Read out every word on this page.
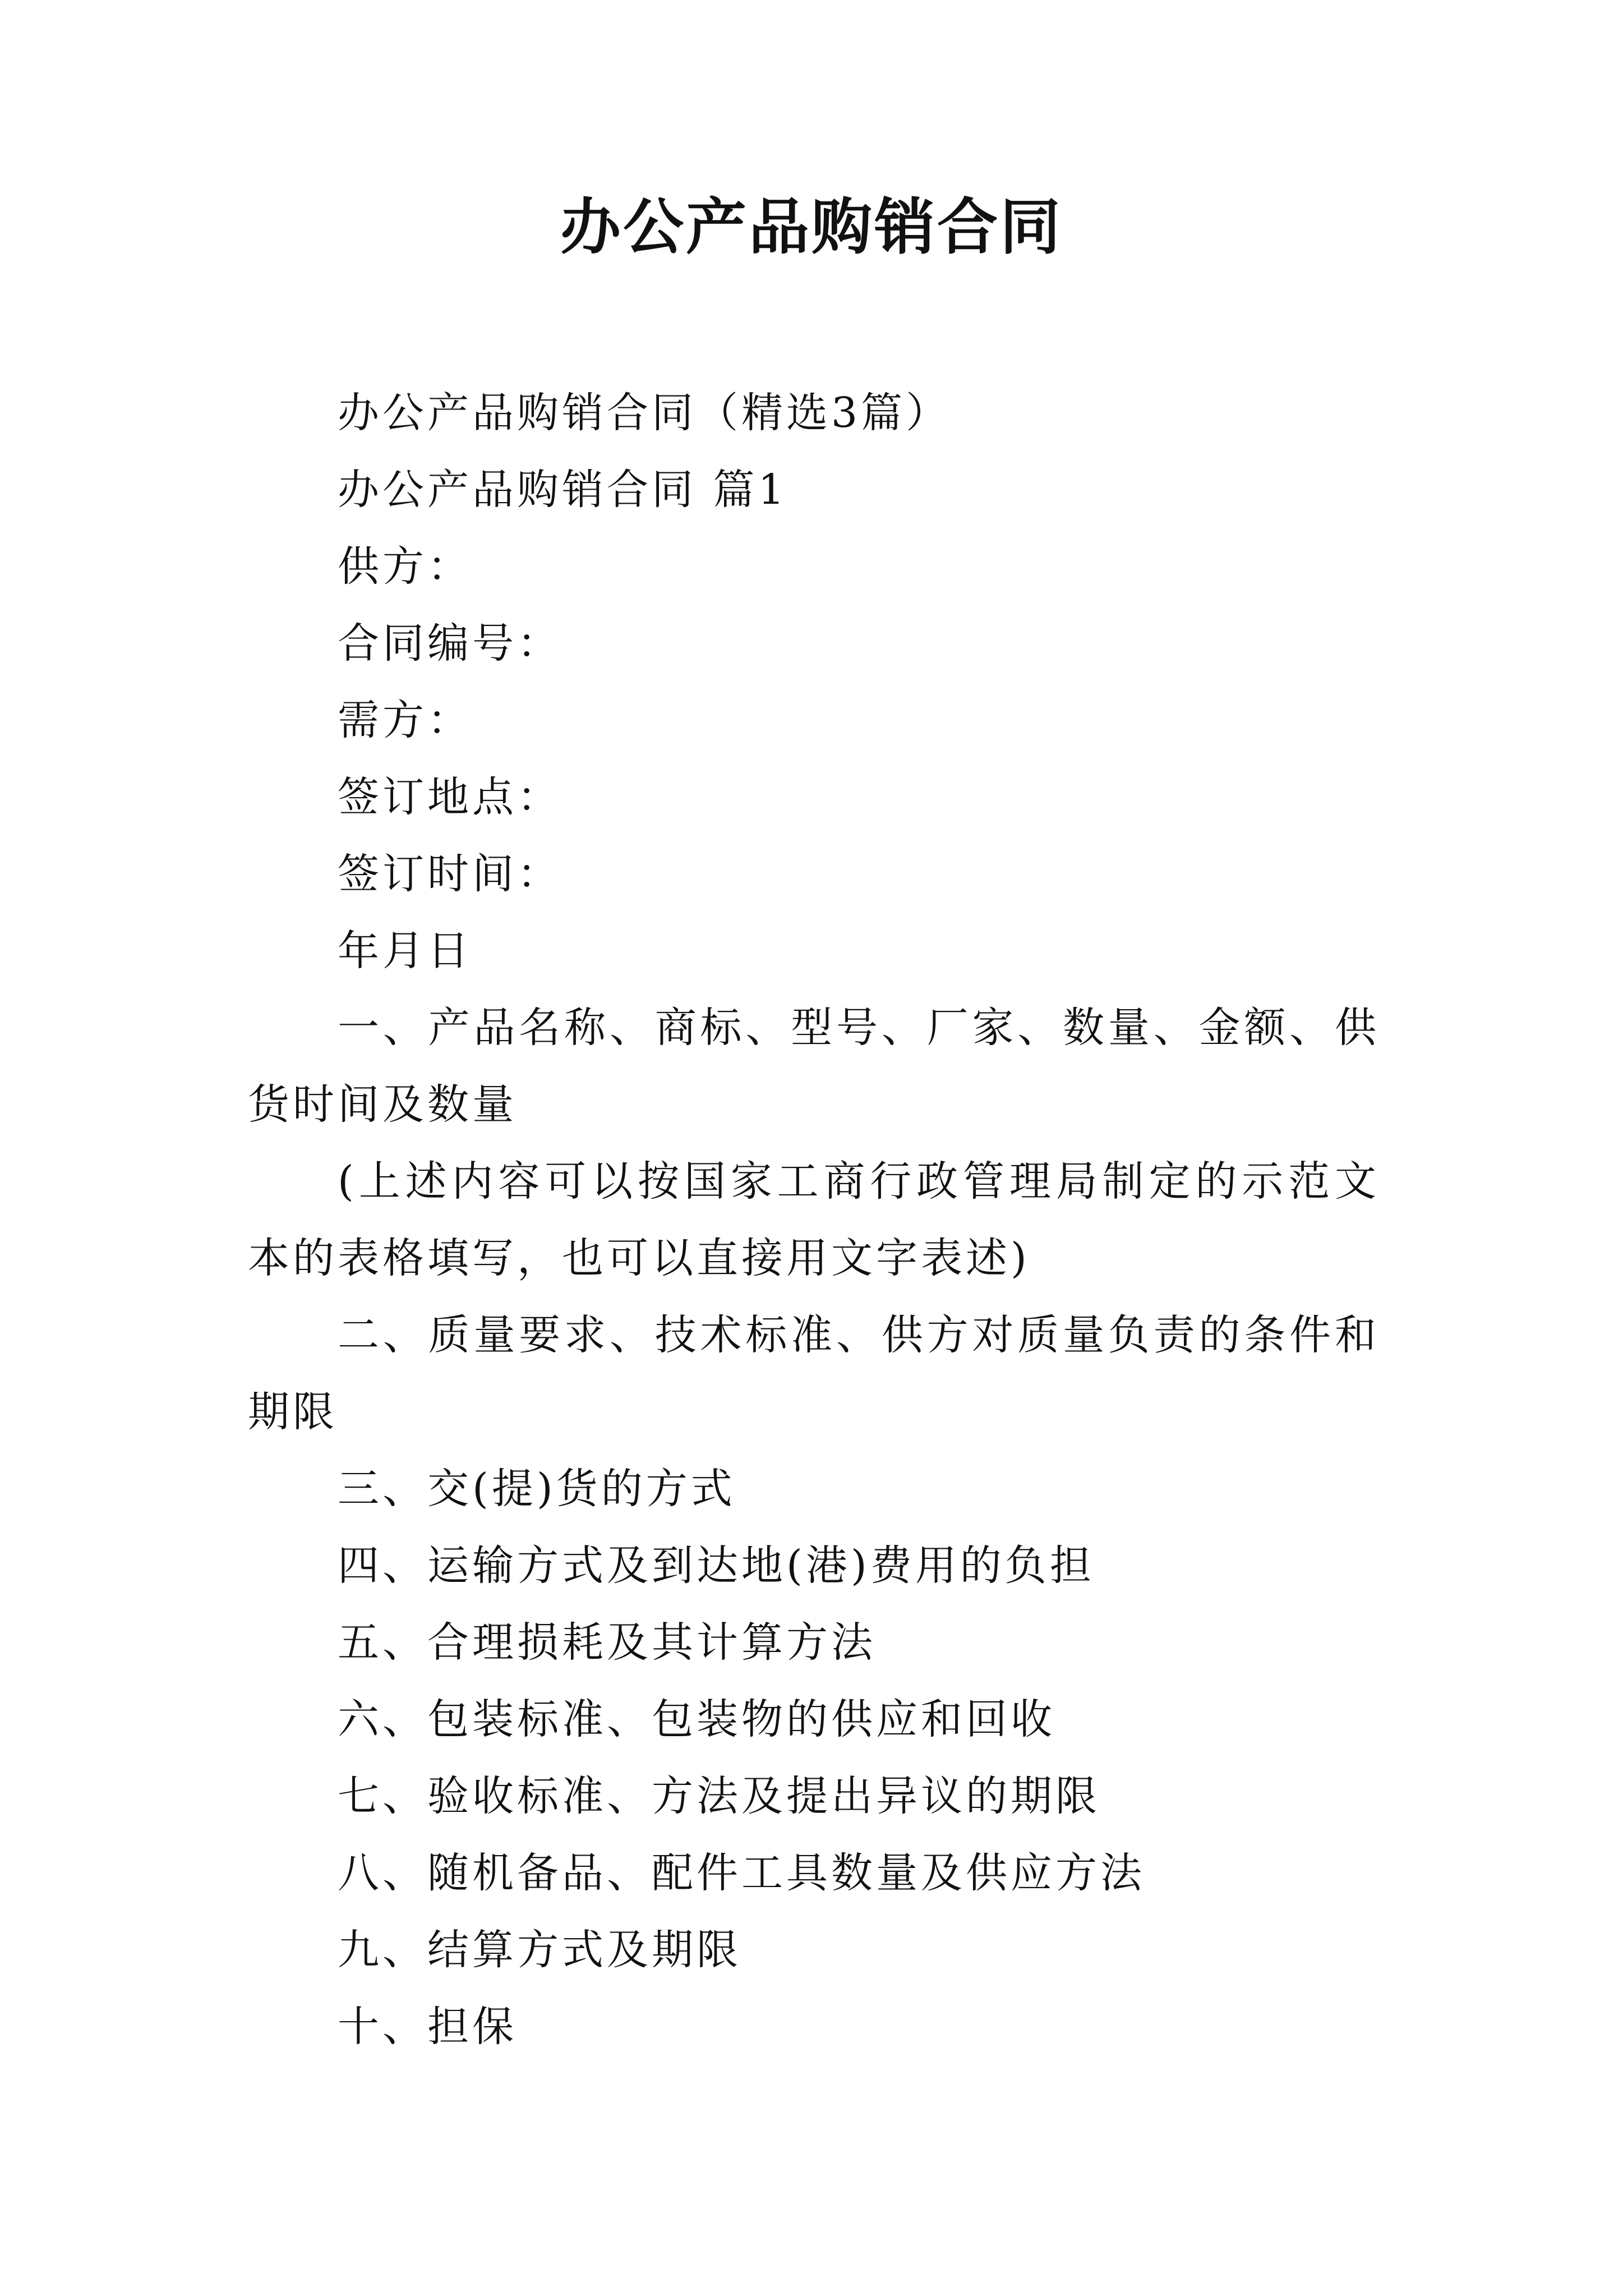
办公产品购销合同

办公产品购销合同（精选3篇）

办公产品购销合同 篇1

供方：

合同编号：

需方：

签订地点：

签订时间：

年月日

一、产品名称、商标、型号、厂家、数量、金额、供货时间及数量

(上述内容可以按国家工商行政管理局制定的示范文本的表格填写，也可以直接用文字表述)

二、质量要求、技术标准、供方对质量负责的条件和期限

三、交(提)货的方式

四、运输方式及到达地(港)费用的负担

五、合理损耗及其计算方法

六、包装标准、包装物的供应和回收

七、验收标准、方法及提出异议的期限

八、随机备品、配件工具数量及供应方法

九、结算方式及期限

十、担保
